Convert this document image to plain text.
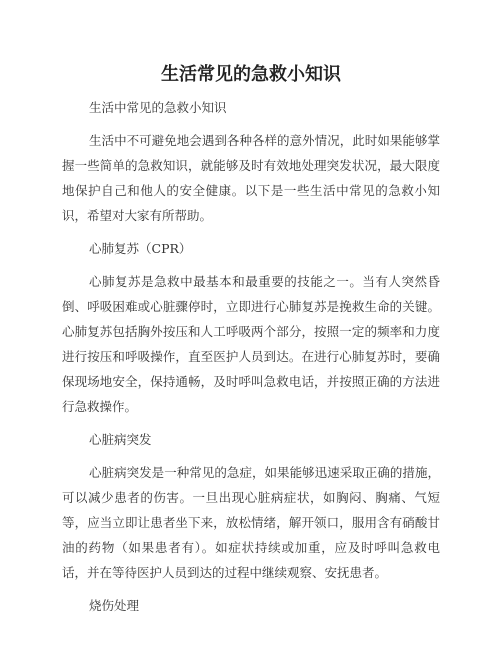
生活常见的急救小知识

生活中常见的急救小知识

生活中不可避免地会遇到各种各样的意外情况，此时如果能够掌握一些简单的急救知识，就能够及时有效地处理突发状况，最大限度地保护自己和他人的安全健康。以下是一些生活中常见的急救小知识，希望对大家有所帮助。

心肺复苏（CPR）

心肺复苏是急救中最基本和最重要的技能之一。当有人突然昏倒、呼吸困难或心脏骤停时，立即进行心肺复苏是挽救生命的关键。心肺复苏包括胸外按压和人工呼吸两个部分，按照一定的频率和力度进行按压和呼吸操作，直至医护人员到达。在进行心肺复苏时，要确保现场地安全，保持通畅，及时呼叫急救电话，并按照正确的方法进行急救操作。

心脏病突发

心脏病突发是一种常见的急症，如果能够迅速采取正确的措施，可以减少患者的伤害。一旦出现心脏病症状，如胸闷、胸痛、气短等，应当立即让患者坐下来，放松情绪，解开领口，服用含有硝酸甘油的药物（如果患者有）。如症状持续或加重，应及时呼叫急救电话，并在等待医护人员到达的过程中继续观察、安抚患者。

烧伤处理
